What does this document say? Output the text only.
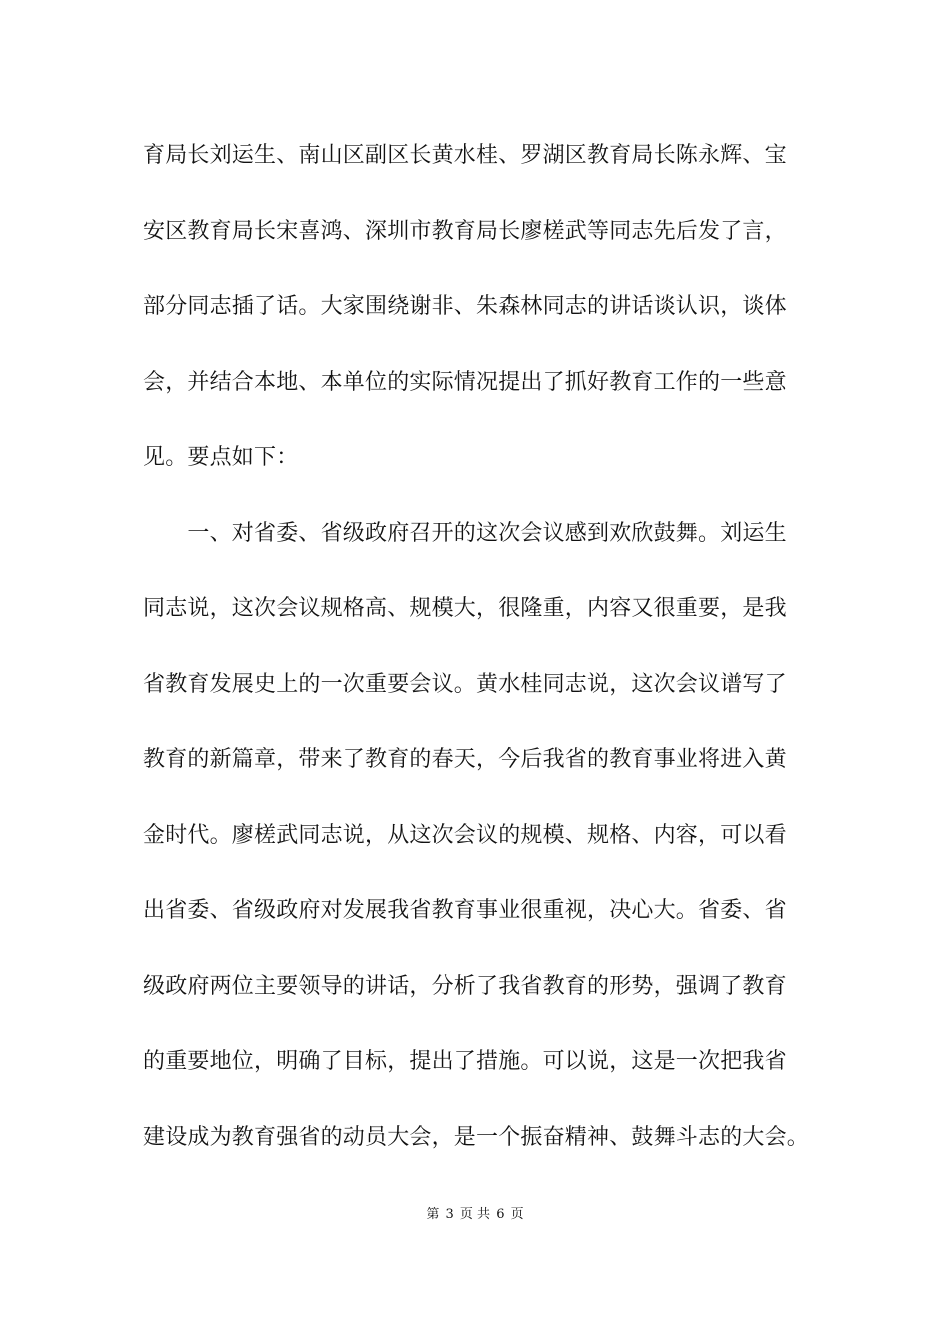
育局长刘运生、南山区副区长黄水桂、罗湖区教育局长陈永辉、宝
安区教育局长宋喜鸿、深圳市教育局长廖槎武等同志先后发了言，
部分同志插了话。大家围绕谢非、朱森林同志的讲话谈认识，谈体
会，并结合本地、本单位的实际情况提出了抓好教育工作的一些意
见。要点如下：
　　一、对省委、省级政府召开的这次会议感到欢欣鼓舞。刘运生
同志说，这次会议规格高、规模大，很隆重，内容又很重要，是我
省教育发展史上的一次重要会议。黄水桂同志说，这次会议谱写了
教育的新篇章，带来了教育的春天，今后我省的教育事业将进入黄
金时代。廖槎武同志说，从这次会议的规模、规格、内容，可以看
出省委、省级政府对发展我省教育事业很重视，决心大。省委、省
级政府两位主要领导的讲话，分析了我省教育的形势，强调了教育
的重要地位，明确了目标，提出了措施。可以说，这是一次把我省
建设成为教育强省的动员大会，是一个振奋精神、鼓舞斗志的大会。
第 3 页 共 6 页
